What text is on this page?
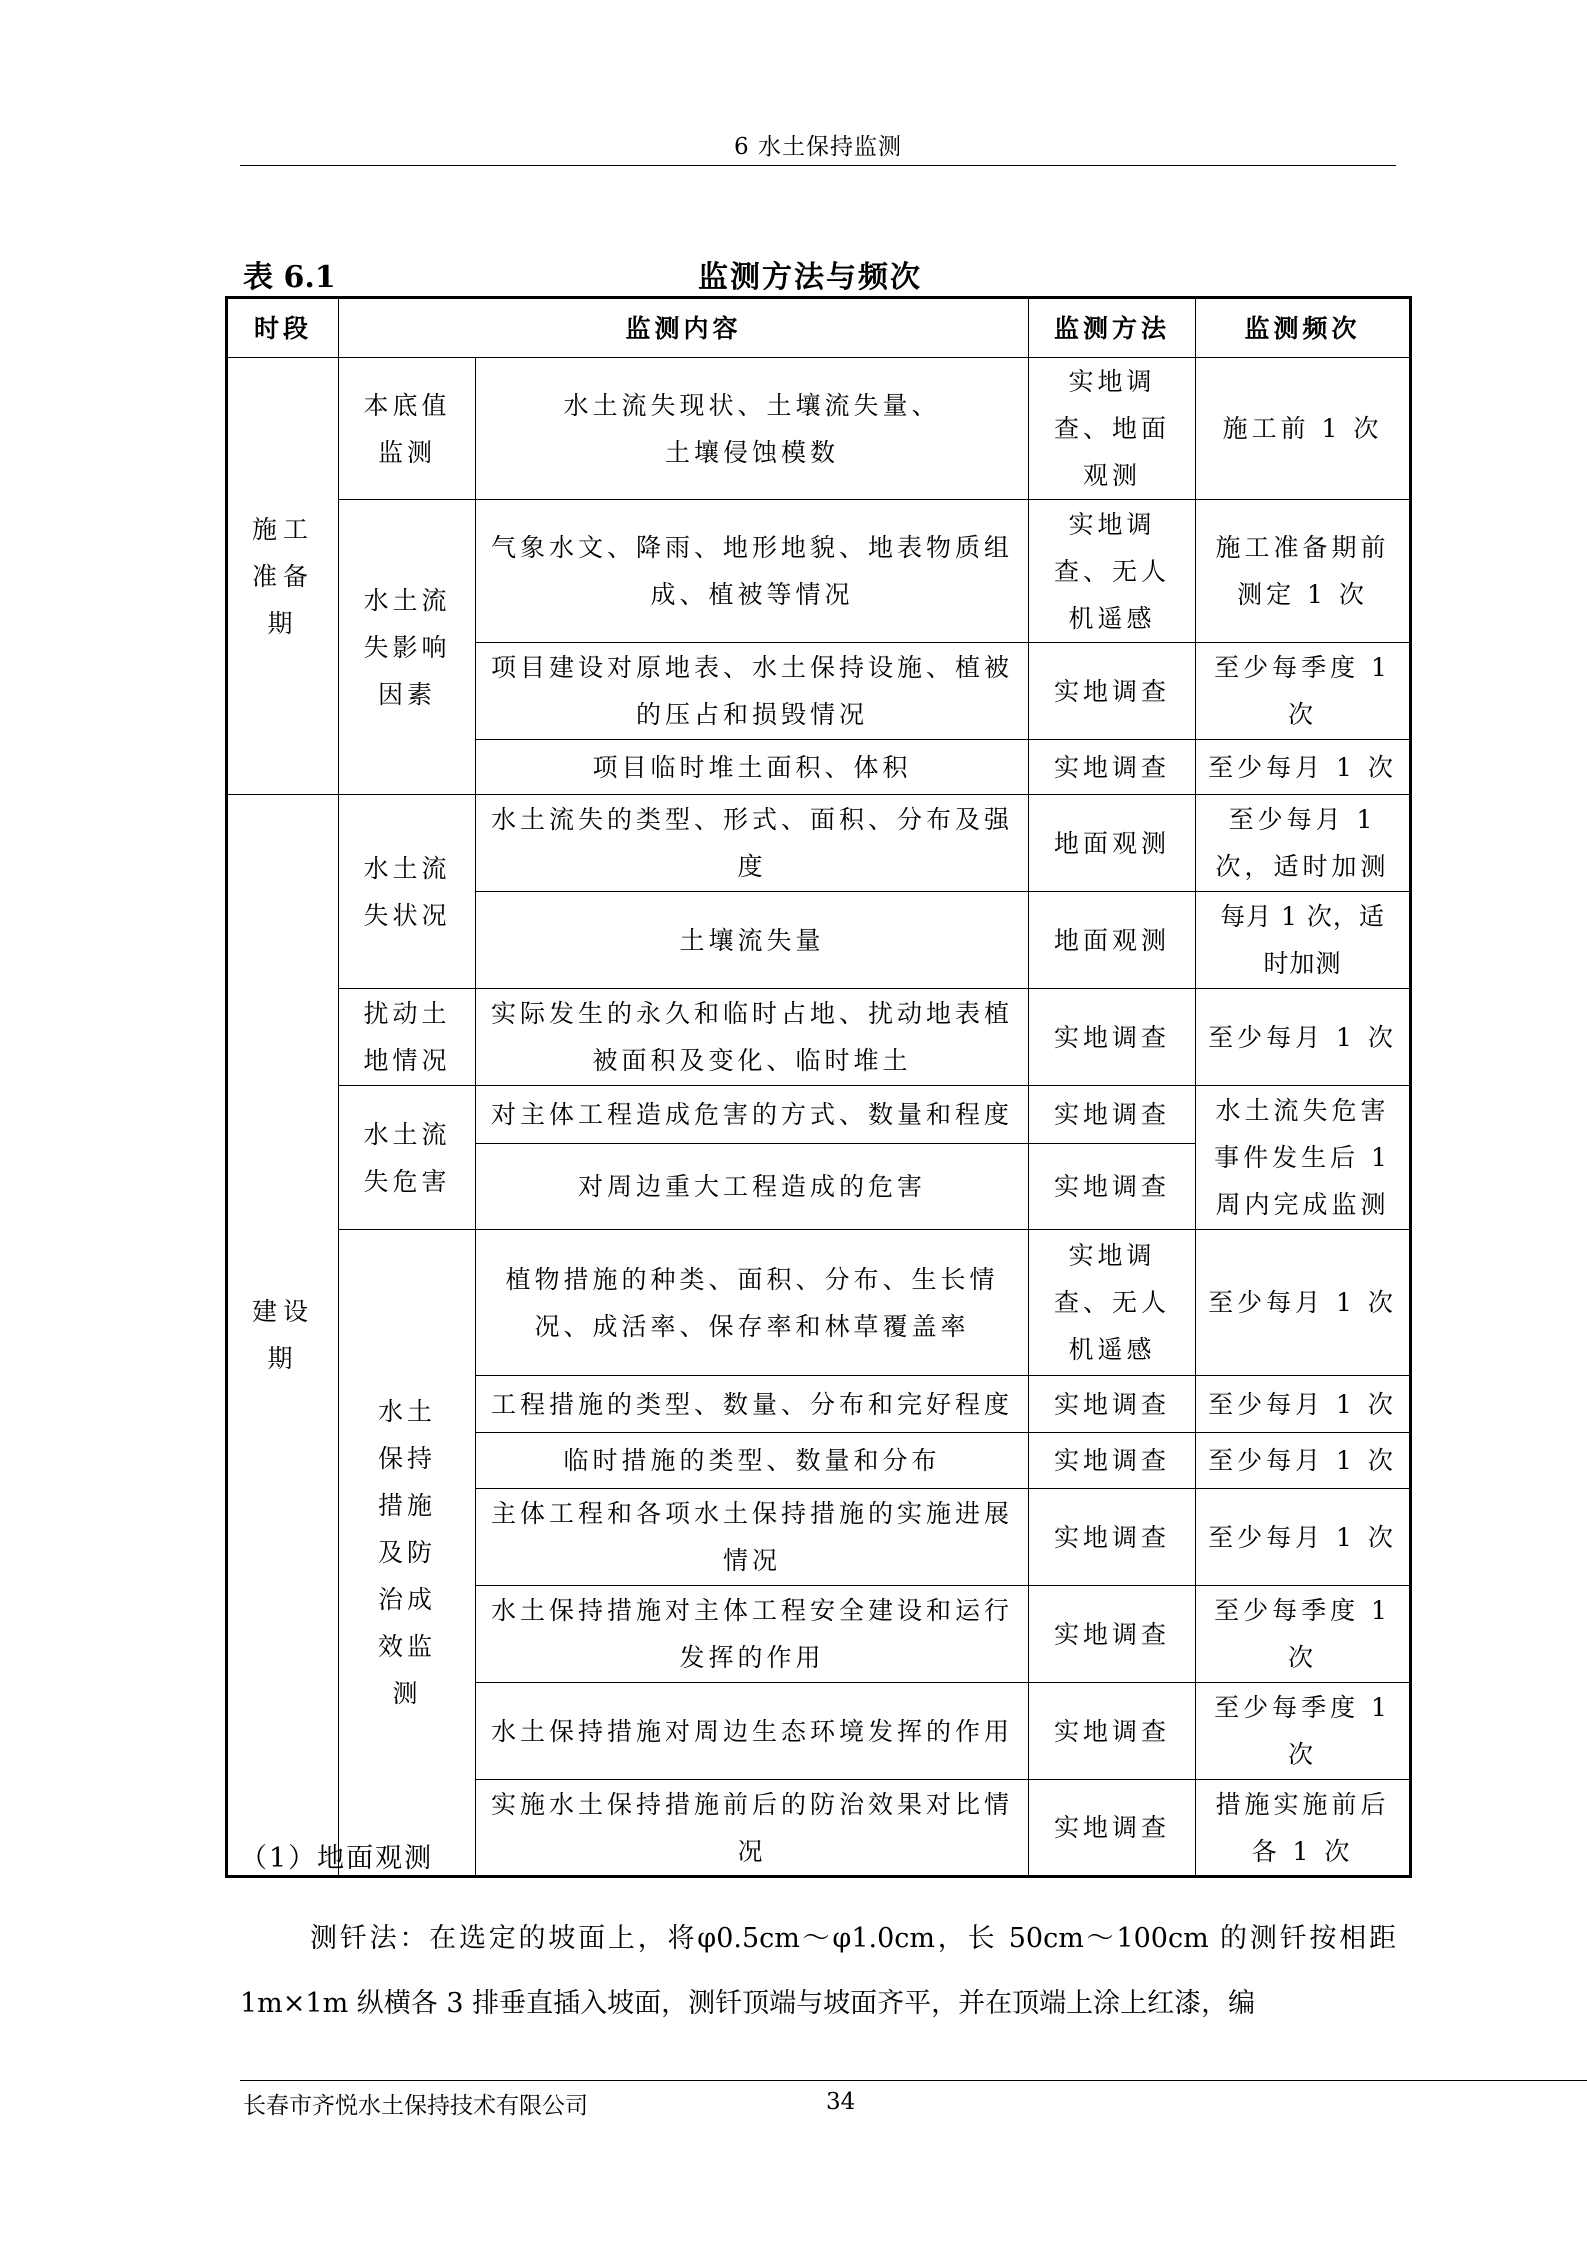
6 水土保持监测
表 6.1	监测方法与频次
时段	监测内容		监测方法	监测频次

施工准备期	本底值监测	水土流失现状、土壤流失量、土壤侵蚀模数	实地调查、地面观测	施工前 1 次

	水土流失影响因素	气象水文、降雨、地形地貌、地表物质组成、植被等情况	实地调查、无人机遥感	施工准备期前测定 1 次

		项目建设对原地表、水土保持设施、植被的压占和损毁情况	实地调查	至少每季度 1 次

		项目临时堆土面积、体积	实地调查	至少每月 1 次

建设期	水土流失状况	水土流失的类型、形式、面积、分布及强度	地面观测	至少每月 1 次，适时加测

		土壤流失量	地面观测	每月 1 次，适时加测

	扰动土地情况	实际发生的永久和临时占地、扰动地表植被面积及变化、临时堆土	实地调查	至少每月 1 次

	水土流失危害	对主体工程造成危害的方式、数量和程度	实地调查	水土流失危害事件发生后 1 周内完成监测

		对周边重大工程造成的危害	实地调查	

	水土保持措施及防治成效监测	植物措施的种类、面积、分布、生长情况、成活率、保存率和林草覆盖率	实地调查、无人机遥感	至少每月 1 次
		工程措施的类型、数量、分布和完好程度	实地调查	至少每月 1 次
		临时措施的类型、数量和分布	实地调查	至少每月 1 次
		主体工程和各项水土保持措施的实施进展情况	实地调查	至少每月 1 次
		水土保持措施对主体工程安全建设和运行发挥的作用	实地调查	至少每季度 1 次

		水土保持措施对周边生态环境发挥的作用	实地调查	至少每季度 1 次

		实施水土保持措施前后的防治效果对比情况	实地调查	措施实施前后各 1 次
（1）地面观测
测钎法：在选定的坡面上，将φ0.5cm～φ1.0cm，长 50cm～100cm 的测钎按相距 1m×1m 纵横各 3 排垂直插入坡面，测钎顶端与坡面齐平，并在顶端上涂上红漆，编
长春市齐悦水土保持技术有限公司	34
